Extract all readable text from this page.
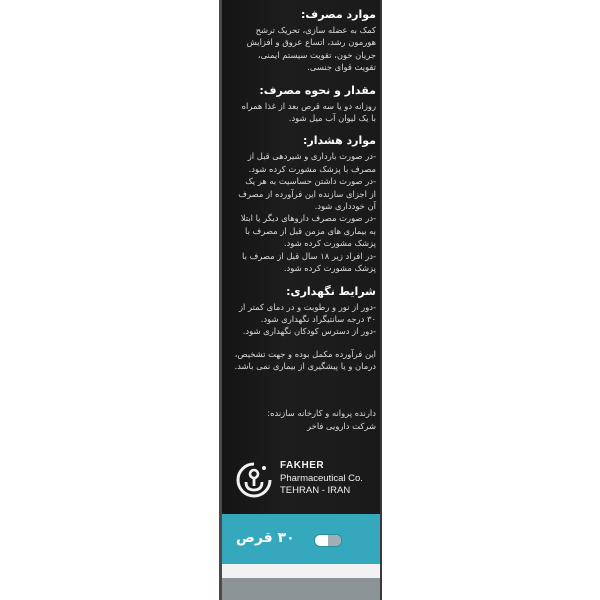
موارد مصرف:
کمک به عضله سازی، تحریک ترشح
هورمون رشد، اتساع عروق و افزایش
جریان خون، تقویت سیستم ایمنی،
تقویت قوای جنسی.
مقدار و نحوه مصرف:
روزانه دو یا سه قرص بعد از غذا همراه
با یک لیوان آب میل شود.
موارد هشدار:
-در صورت بارداری و شیردهی قبل از
مصرف با پزشک مشورت کرده شود.
-در صورت داشتن حساسیت به هر یک
از اجزای سازنده این فرآورده از مصرف
آن خودداری شود.
-در صورت مصرف داروهای دیگر یا ابتلا
به بیماری های مزمن قبل از مصرف با
پزشک مشورت کرده شود.
-در افراد زیر ۱۸ سال قبل از مصرف با
پزشک مشورت کرده شود.
شرایط نگهداری:
-دور از نور و رطوبت و در دمای کمتر از
۳۰ درجه سانتیگراد نگهداری شود.
-دور از دسترس کودکان نگهداری شود.
این فرآورده مکمل بوده و جهت تشخیص،
درمان و یا پیشگیری از بیماری نمی باشد.
دارنده پروانه و کارخانه سازنده:
شرکت دارویی فاخر
FAKHER
Pharmaceutical Co.
TEHRAN - IRAN
۳۰ قرص
